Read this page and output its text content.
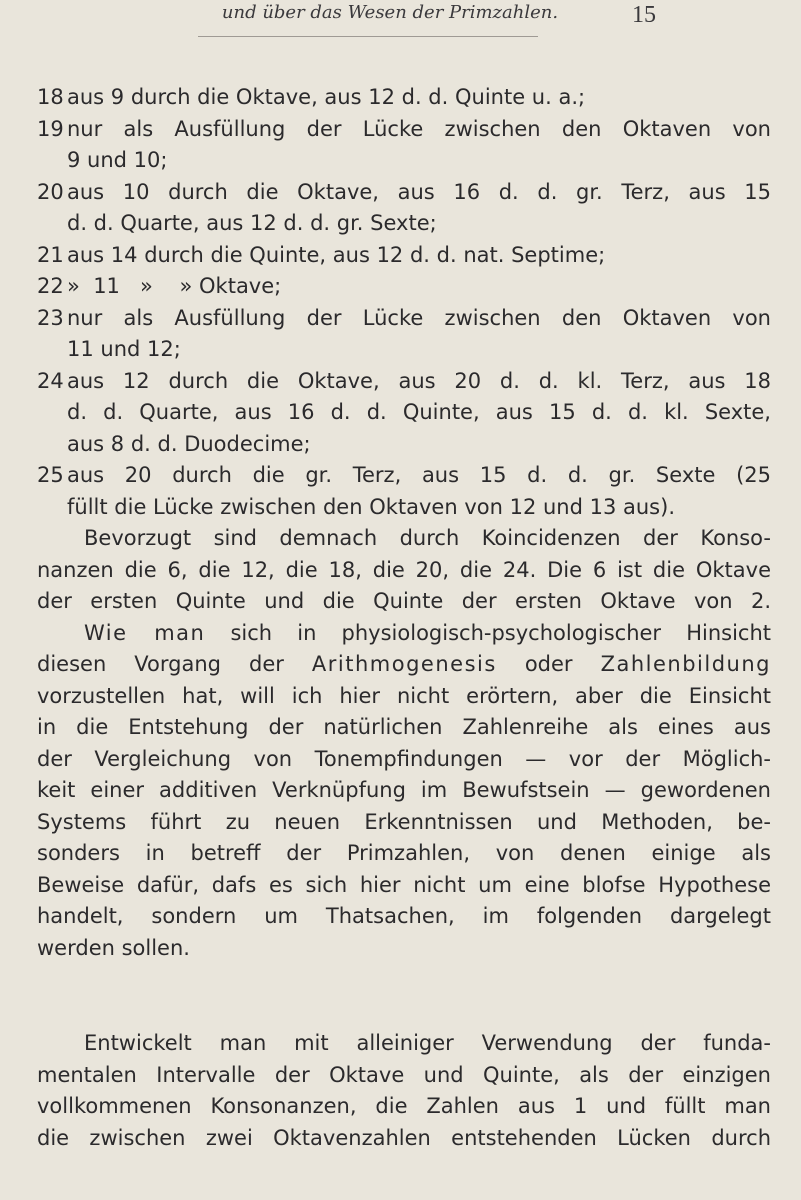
und über das Wesen der Primzahlen.	15
18 aus 9 durch die Oktave, aus 12 d. d. Quinte u. a.;
19 nur als Ausfüllung der Lücke zwischen den Oktaven von
9 und 10;
20 aus 10 durch die Oktave, aus 16 d. d. gr. Terz, aus 15
d. d. Quarte, aus 12 d. d. gr. Sexte;
21 aus 14 durch die Quinte, aus 12 d. d. nat. Septime;
22 »  11   »    » Oktave;
23 nur als Ausfüllung der Lücke zwischen den Oktaven von
11 und 12;
24 aus 12 durch die Oktave, aus 20 d. d. kl. Terz, aus 18
d. d. Quarte, aus 16 d. d. Quinte, aus 15 d. d. kl. Sexte,
aus 8 d. d. Duodecime;
25 aus 20 durch die gr. Terz, aus 15 d. d. gr. Sexte (25
füllt die Lücke zwischen den Oktaven von 12 und 13 aus).
Bevorzugt sind demnach durch Koincidenzen der Konso-
nanzen die 6, die 12, die 18, die 20, die 24. Die 6 ist die Oktave
der ersten Quinte und die Quinte der ersten Oktave von 2.
Wie man sich in physiologisch-psychologischer Hinsicht
diesen Vorgang der Arithmogenesis oder Zahlenbildung
vorzustellen hat, will ich hier nicht erörtern, aber die Einsicht
in die Entstehung der natürlichen Zahlenreihe als eines aus
der Vergleichung von Tonempfindungen — vor der Möglich-
keit einer additiven Verknüpfung im Bewufstsein — gewordenen
Systems führt zu neuen Erkenntnissen und Methoden, be-
sonders in betreff der Primzahlen, von denen einige als
Beweise dafür, dafs es sich hier nicht um eine blofse Hypothese
handelt, sondern um Thatsachen, im folgenden dargelegt
werden sollen.
Entwickelt man mit alleiniger Verwendung der funda-
mentalen Intervalle der Oktave und Quinte, als der einzigen
vollkommenen Konsonanzen, die Zahlen aus 1 und füllt man
die zwischen zwei Oktavenzahlen entstehenden Lücken durch
